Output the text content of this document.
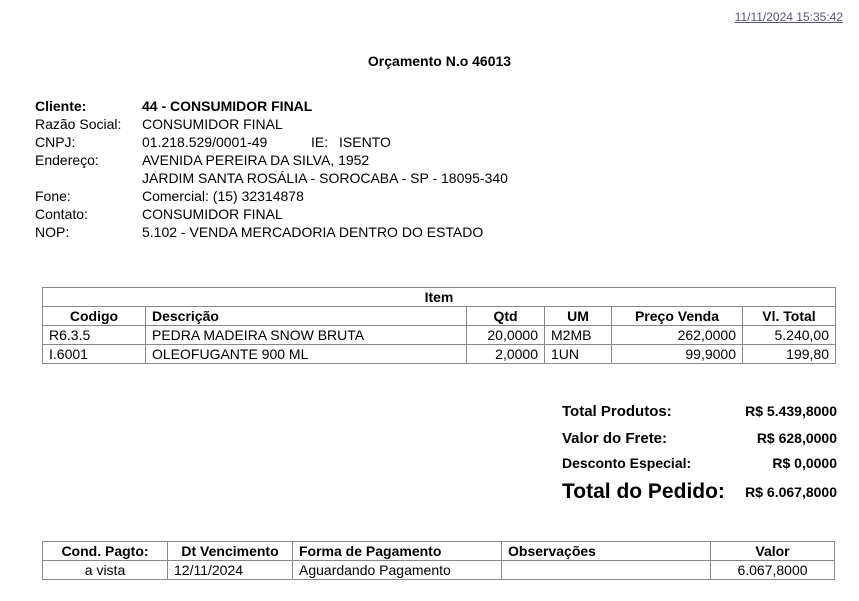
11/11/2024 15:35:42
Orçamento N.o 46013
Cliente:	44 - CONSUMIDOR FINAL
Razão Social:	CONSUMIDOR FINAL
CNPJ:	01.218.529/0001-49	IE: ISENTO
Endereço:	AVENIDA PEREIRA DA SILVA, 1952
JARDIM SANTA ROSÁLIA - SOROCABA - SP - 18095-340
Fone:	Comercial: (15) 32314878
Contato:	CONSUMIDOR FINAL
NOP:	5.102 - VENDA MERCADORIA DENTRO DO ESTADO
Item					
Codigo	Descrição	Qtd	UM	Preço Venda	Vl. Total
R6.3.5	PEDRA MADEIRA SNOW BRUTA	20,0000	M2MB	262,0000	5.240,00
I.6001	OLEOFUGANTE 900 ML	2,0000	1UN	99,9000	199,80
Total Produtos:	R$ 5.439,8000
Valor do Frete:	R$ 628,0000
Desconto Especial:	R$ 0,0000
Total do Pedido: R$ 6.067,8000
Cond. Pagto:	Dt Vencimento	Forma de Pagamento	Observações	Valor
a vista	12/11/2024	Aguardando Pagamento		6.067,8000
